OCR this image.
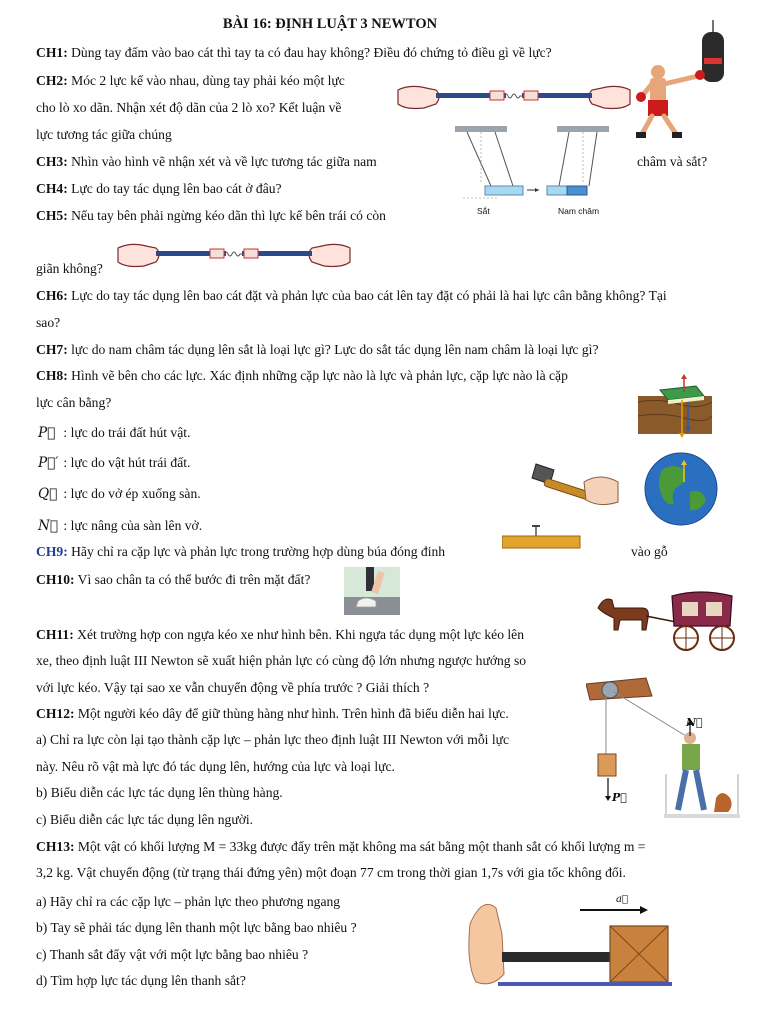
BÀI 16: ĐỊNH LUẬT 3 NEWTON
CH1: Dùng tay đấm vào bao cát thì tay ta có đau hay không? Điều đó chứng tỏ điều gì về lực?
CH2: Móc 2 lực kế vào nhau, dùng tay phải kéo một lực
cho lò xo dãn. Nhận xét độ dãn của 2 lò xo? Kết luận về
lực tương tác giữa chúng
CH3: Nhìn vào hình vẽ nhận xét và về lực tương tác giữa nam	châm và sắt?
CH4: Lực do tay tác dụng lên bao cát ở đâu?
CH5: Nếu tay bên phải ngừng kéo dãn thì lực kế bên trái có còn
giãn không?
CH6: Lực do tay tác dụng lên bao cát đặt và phản lực của bao cát lên tay đặt có phải là hai lực cân bằng không? Tại
sao?
CH7: lực do nam châm tác dụng lên sắt là loại lực gì? Lực do sắt tác dụng lên nam châm là loại lực gì?
CH8: Hình vẽ bên cho các lực. Xác định những cặp lực nào là lực và phản lực, cặp lực nào là cặp
lực cân bằng?
P⃗ : lực do trái đất hút vật.
P⃗′ : lực do vật hút trái đất.
Q⃗ : lực do vở ép xuống sàn.
N⃗ : lực nâng của sàn lên vở.
CH9: Hãy chỉ ra cặp lực và phản lực trong trường hợp dùng búa đóng đinh	vào gỗ
CH10: Vì sao chân ta có thể bước đi trên mặt đất?
CH11: Xét trường hợp con ngựa kéo xe như hình bên. Khi ngựa tác dụng một lực kéo lên
xe, theo định luật III Newton sẽ xuất hiện phản lực có cùng độ lớn nhưng ngược hướng so
với lực kéo. Vậy tại sao xe vẫn chuyển động về phía trước ? Giải thích ?
CH12: Một người kéo dây để giữ thùng hàng như hình. Trên hình đã biểu diễn hai lực.
a) Chỉ ra lực còn lại tạo thành cặp lực – phản lực theo định luật III Newton với mỗi lực
này. Nêu rõ vật mà lực đó tác dụng lên, hướng của lực và loại lực.
b) Biểu diễn các lực tác dụng lên thùng hàng.
c) Biểu diễn các lực tác dụng lên người.
CH13: Một vật có khối lượng M = 33kg được đẩy trên mặt không ma sát bằng một thanh sắt có khối lượng m =
3,2 kg. Vật chuyển động (từ trạng thái đứng yên) một đoạn 77 cm trong thời gian 1,7s với gia tốc không đổi.
a) Hãy chỉ ra các cặp lực – phản lực theo phương ngang
b) Tay sẽ phải tác dụng lên thanh một lực bằng bao nhiêu ?
c) Thanh sắt đẩy vật với một lực bằng bao nhiêu ?
d) Tìm hợp lực tác dụng lên thanh sắt?
Sắt	Nam châm
N⃗
P⃗
a⃗
